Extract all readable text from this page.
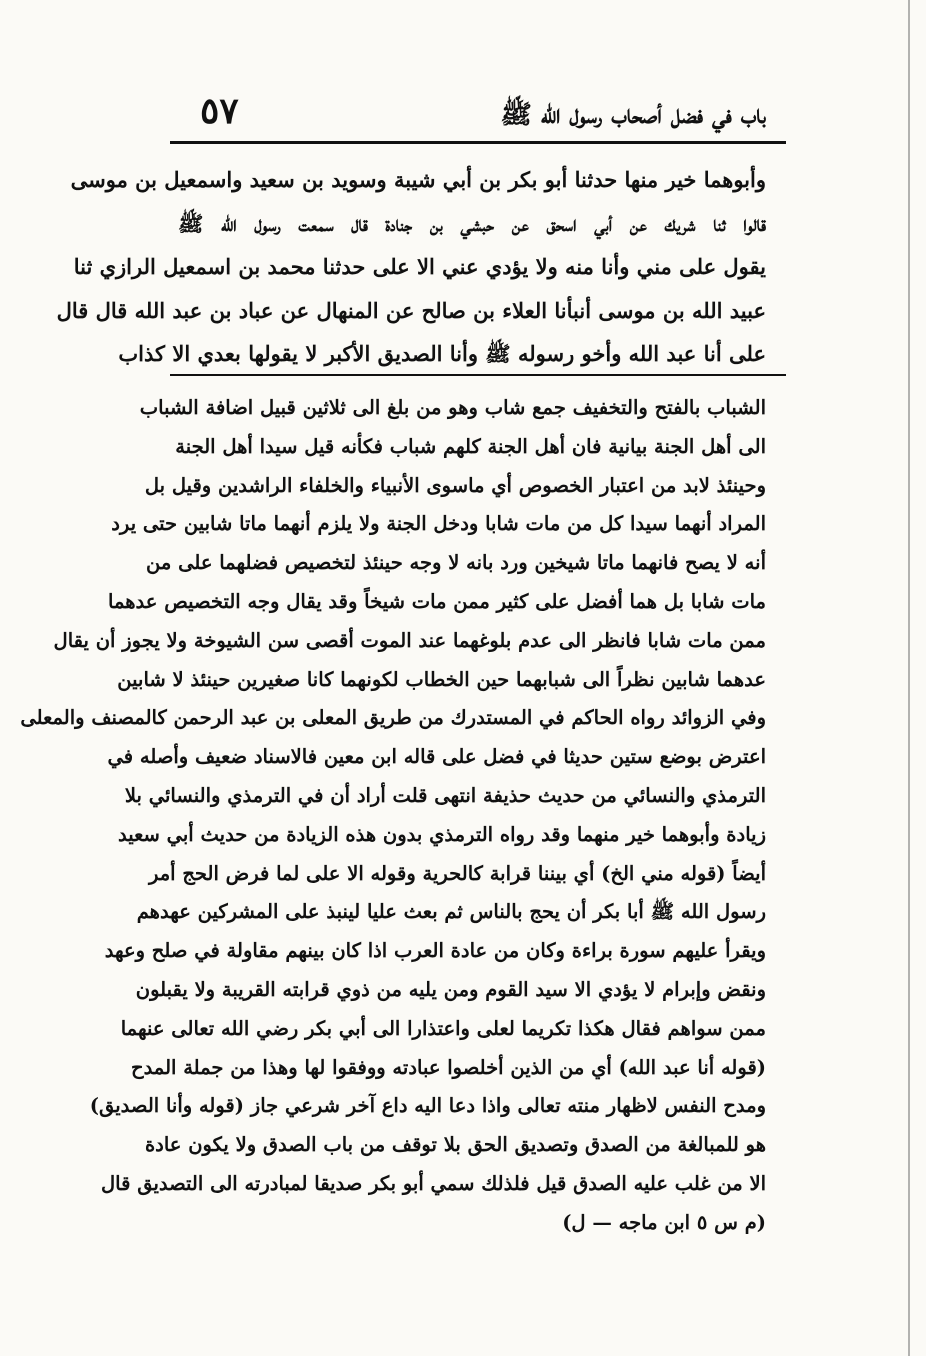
باب في فضل أصحاب رسول الله ﷺ
٥٧
وأبوهما خير منها حدثنا أبو بكر بن أبي شيبة وسويد بن سعيد واسمعيل بن موسى
قالوا ثنا شريك عن أبي اسحق عن حبشي بن جنادة قال سمعت رسول الله ﷺ
يقول على مني وأنا منه ولا يؤدي عني الا على حدثنا محمد بن اسمعيل الرازي ثنا
عبيد الله بن موسى أنبأنا العلاء بن صالح عن المنهال عن عباد بن عبد الله قال قال
على أنا عبد الله وأخو رسوله ﷺ وأنا الصديق الأكبر لا يقولها بعدي الا كذاب
الشباب بالفتح والتخفيف جمع شاب وهو من بلغ الى ثلاثين قبيل اضافة الشباب
الى أهل الجنة بيانية فان أهل الجنة كلهم شباب فكأنه قيل سيدا أهل الجنة
وحينئذ لابد من اعتبار الخصوص أي ماسوى الأنبياء والخلفاء الراشدين وقيل بل
المراد أنهما سيدا كل من مات شابا ودخل الجنة ولا يلزم أنهما ماتا شابين حتى يرد
أنه لا يصح فانهما ماتا شيخين ورد بانه لا وجه حينئذ لتخصيص فضلهما على من
مات شابا بل هما أفضل على كثير ممن مات شيخاً وقد يقال وجه التخصيص عدهما
ممن مات شابا فانظر الى عدم بلوغهما عند الموت أقصى سن الشيوخة ولا يجوز أن يقال
عدهما شابين نظراً الى شبابهما حين الخطاب لكونهما كانا صغيرين حينئذ لا شابين
وفي الزوائد رواه الحاكم في المستدرك من طريق المعلى بن عبد الرحمن كالمصنف والمعلى
اعترض بوضع ستين حديثا في فضل على قاله ابن معين فالاسناد ضعيف وأصله في
الترمذي والنسائي من حديث حذيفة انتهى قلت أراد أن في الترمذي والنسائي بلا
زيادة وأبوهما خير منهما وقد رواه الترمذي بدون هذه الزيادة من حديث أبي سعيد
أيضاً (قوله مني الخ) أي بيننا قرابة كالحرية وقوله الا على لما فرض الحج أمر
رسول الله ﷺ أبا بكر أن يحج بالناس ثم بعث عليا لينبذ على المشركين عهدهم
ويقرأ عليهم سورة براءة وكان من عادة العرب اذا كان بينهم مقاولة في صلح وعهد
ونقض وإبرام لا يؤدي الا سيد القوم ومن يليه من ذوي قرابته القريبة ولا يقبلون
ممن سواهم فقال هكذا تكريما لعلى واعتذارا الى أبي بكر رضي الله تعالى عنهما
(قوله أنا عبد الله) أي من الذين أخلصوا عبادته ووفقوا لها وهذا من جملة المدح
ومدح النفس لاظهار منته تعالى واذا دعا اليه داع آخر شرعي جاز (قوله وأنا الصديق)
هو للمبالغة من الصدق وتصديق الحق بلا توقف من باب الصدق ولا يكون عادة
الا من غلب عليه الصدق قيل فلذلك سمي أبو بكر صديقا لمبادرته الى التصديق قال
(م س ٥ ابن ماجه — ل)
